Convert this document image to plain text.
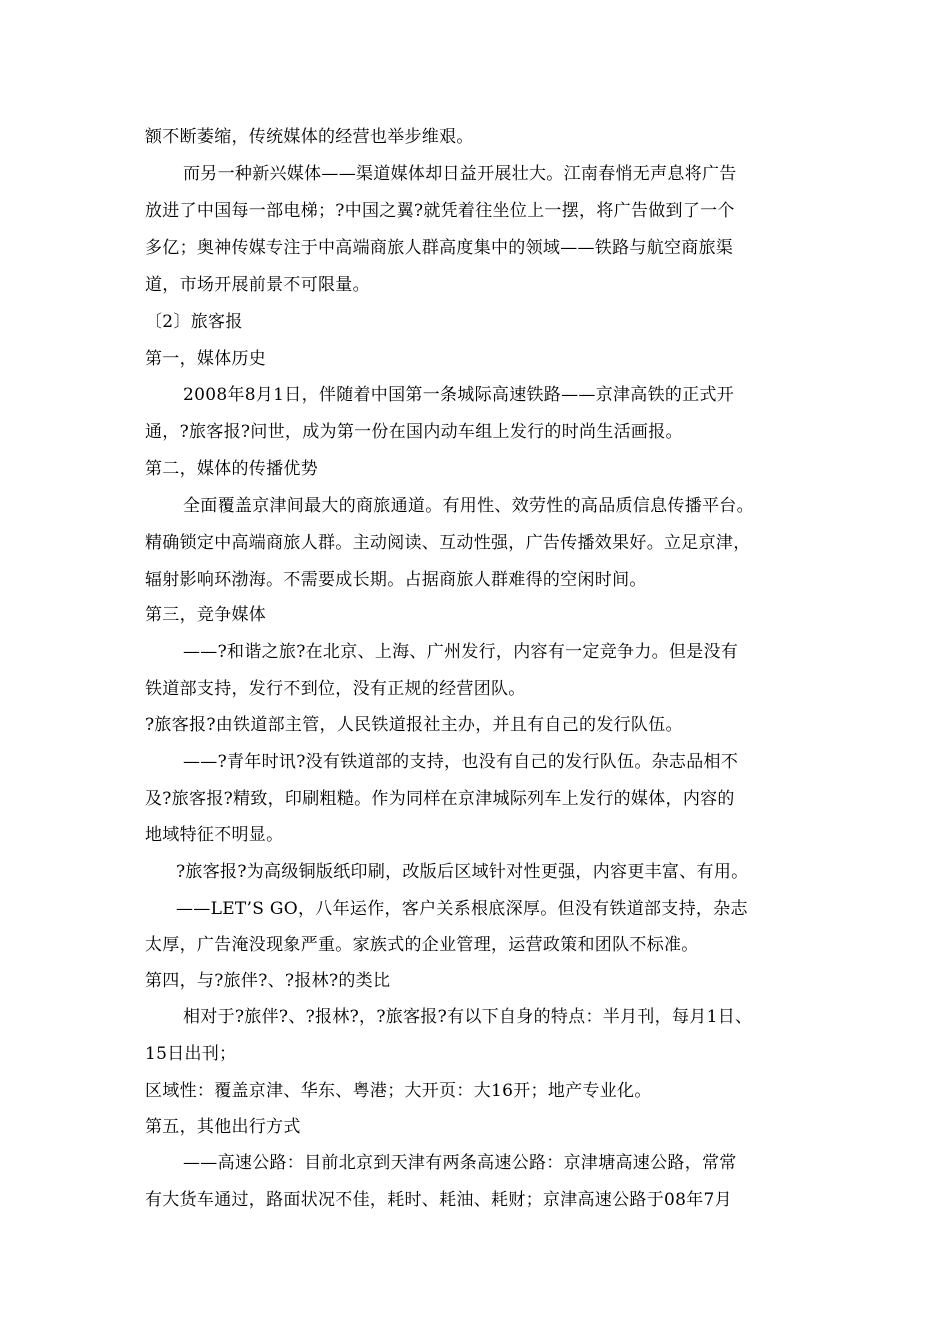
额不断萎缩，传统媒体的经营也举步维艰。
而另一种新兴媒体——渠道媒体却日益开展壮大。江南春悄无声息将广告
放进了中国每一部电梯；?中国之翼?就凭着往坐位上一摆，将广告做到了一个
多亿；奥神传媒专注于中高端商旅人群高度集中的领域——铁路与航空商旅渠
道，市场开展前景不可限量。
〔2〕旅客报
第一，媒体历史
2008年8月1日，伴随着中国第一条城际高速铁路——京津高铁的正式开
通，?旅客报?问世，成为第一份在国内动车组上发行的时尚生活画报。
第二，媒体的传播优势
全面覆盖京津间最大的商旅通道。有用性、效劳性的高品质信息传播平台。
精确锁定中高端商旅人群。主动阅读、互动性强，广告传播效果好。立足京津，
辐射影响环渤海。不需要成长期。占据商旅人群难得的空闲时间。
第三，竞争媒体
——?和谐之旅?在北京、上海、广州发行，内容有一定竞争力。但是没有
铁道部支持，发行不到位，没有正规的经营团队。
?旅客报?由铁道部主管，人民铁道报社主办，并且有自己的发行队伍。
——?青年时讯?没有铁道部的支持，也没有自己的发行队伍。杂志品相不
及?旅客报?精致，印刷粗糙。作为同样在京津城际列车上发行的媒体，内容的
地域特征不明显。
?旅客报?为高级铜版纸印刷，改版后区域针对性更强，内容更丰富、有用。
——LET’S GO，八年运作，客户关系根底深厚。但没有铁道部支持，杂志
太厚，广告淹没现象严重。家族式的企业管理，运营政策和团队不标准。
第四，与?旅伴?、?报林?的类比
相对于?旅伴?、?报林?，?旅客报?有以下自身的特点：半月刊，每月1日、
15日出刊；
区域性：覆盖京津、华东、粤港；大开页：大16开；地产专业化。
第五，其他出行方式
——高速公路：目前北京到天津有两条高速公路：京津塘高速公路，常常
有大货车通过，路面状况不佳，耗时、耗油、耗财；京津高速公路于08年7月
